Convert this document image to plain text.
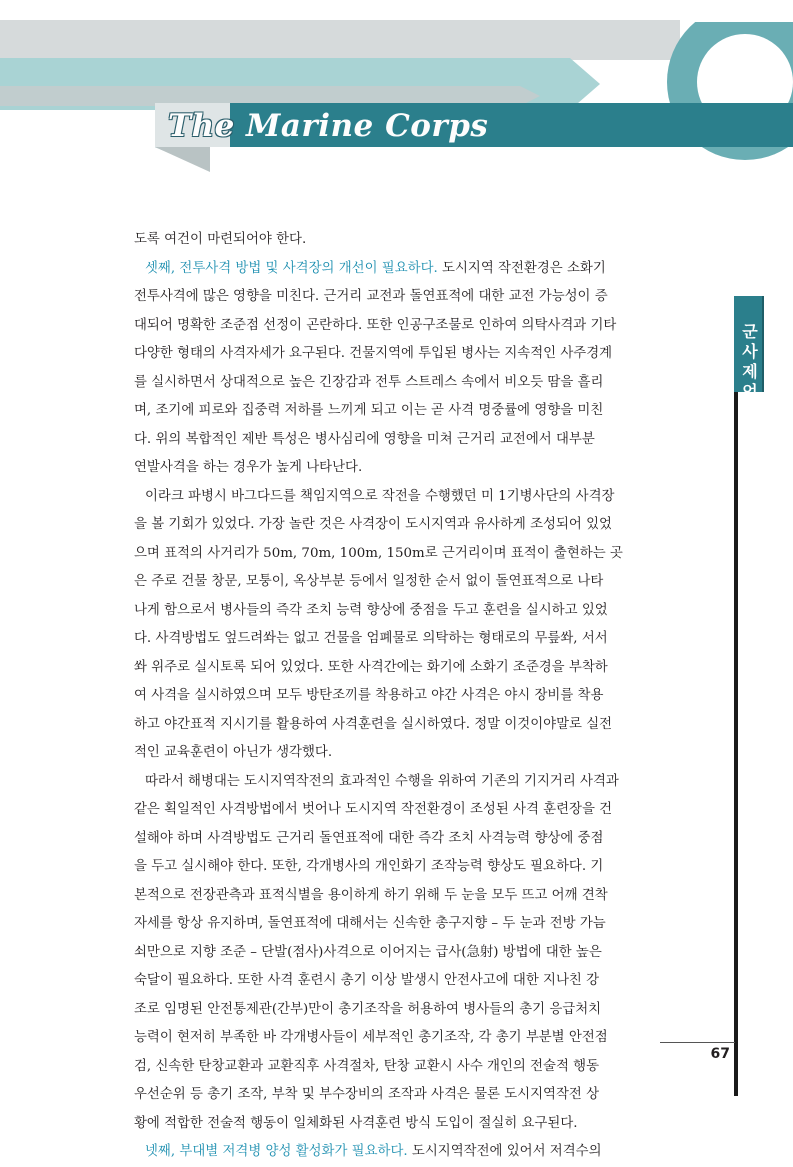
The Marine Corps
군
사
제
언
도록 여건이 마련되어야 한다.
셋째, 전투사격 방법 및 사격장의 개선이 필요하다. 도시지역 작전환경은 소화기
전투사격에 많은 영향을 미친다. 근거리 교전과 돌연표적에 대한 교전 가능성이 증
대되어 명확한 조준점 선정이 곤란하다. 또한 인공구조물로 인하여 의탁사격과 기타
다양한 형태의 사격자세가 요구된다. 건물지역에 투입된 병사는 지속적인 사주경계
를 실시하면서 상대적으로 높은 긴장감과 전투 스트레스 속에서 비오듯 땀을 흘리
며, 조기에 피로와 집중력 저하를 느끼게 되고 이는 곧 사격 명중률에 영향을 미친
다. 위의 복합적인 제반 특성은 병사심리에 영향을 미쳐 근거리 교전에서 대부분
연발사격을 하는 경우가 높게 나타난다.
이라크 파병시 바그다드를 책임지역으로 작전을 수행했던 미 1기병사단의 사격장
을 볼 기회가 있었다. 가장 놀란 것은 사격장이 도시지역과 유사하게 조성되어 있었
으며 표적의 사거리가 50m, 70m, 100m, 150m로 근거리이며 표적이 출현하는 곳
은 주로 건물 창문, 모퉁이, 옥상부분 등에서 일정한 순서 없이 돌연표적으로 나타
나게 함으로서 병사들의 즉각 조치 능력 향상에 중점을 두고 훈련을 실시하고 있었
다. 사격방법도 엎드려쏴는 없고 건물을 엄폐물로 의탁하는 형태로의 무릎쏴, 서서
쏴 위주로 실시토록 되어 있었다. 또한 사격간에는 화기에 소화기 조준경을 부착하
여 사격을 실시하였으며 모두 방탄조끼를 착용하고 야간 사격은 야시 장비를 착용
하고 야간표적 지시기를 활용하여 사격훈련을 실시하였다. 정말 이것이야말로 실전
적인 교육훈련이 아닌가 생각했다.
따라서 해병대는 도시지역작전의 효과적인 수행을 위하여 기존의 기지거리 사격과
같은 획일적인 사격방법에서 벗어나 도시지역 작전환경이 조성된 사격 훈련장을 건
설해야 하며 사격방법도 근거리 돌연표적에 대한 즉각 조치 사격능력 향상에 중점
을 두고 실시해야 한다. 또한, 각개병사의 개인화기 조작능력 향상도 필요하다. 기
본적으로 전장관측과 표적식별을 용이하게 하기 위해 두 눈을 모두 뜨고 어깨 견착
자세를 항상 유지하며, 돌연표적에 대해서는 신속한 총구지향 – 두 눈과 전방 가늠
쇠만으로 지향 조준 – 단발(점사)사격으로 이어지는 급사(急射) 방법에 대한 높은
숙달이 필요하다. 또한 사격 훈련시 총기 이상 발생시 안전사고에 대한 지나친 강
조로 임명된 안전통제관(간부)만이 총기조작을 허용하여 병사들의 총기 응급처치
능력이 현저히 부족한 바 각개병사들이 세부적인 총기조작, 각 총기 부분별 안전점
검, 신속한 탄창교환과 교환직후 사격절차, 탄창 교환시 사수 개인의 전술적 행동
우선순위 등 총기 조작, 부착 및 부수장비의 조작과 사격은 물론 도시지역작전 상
황에 적합한 전술적 행동이 일체화된 사격훈련 방식 도입이 절실히 요구된다.
넷째, 부대별 저격병 양성 활성화가 필요하다. 도시지역작전에 있어서 저격수의
67
